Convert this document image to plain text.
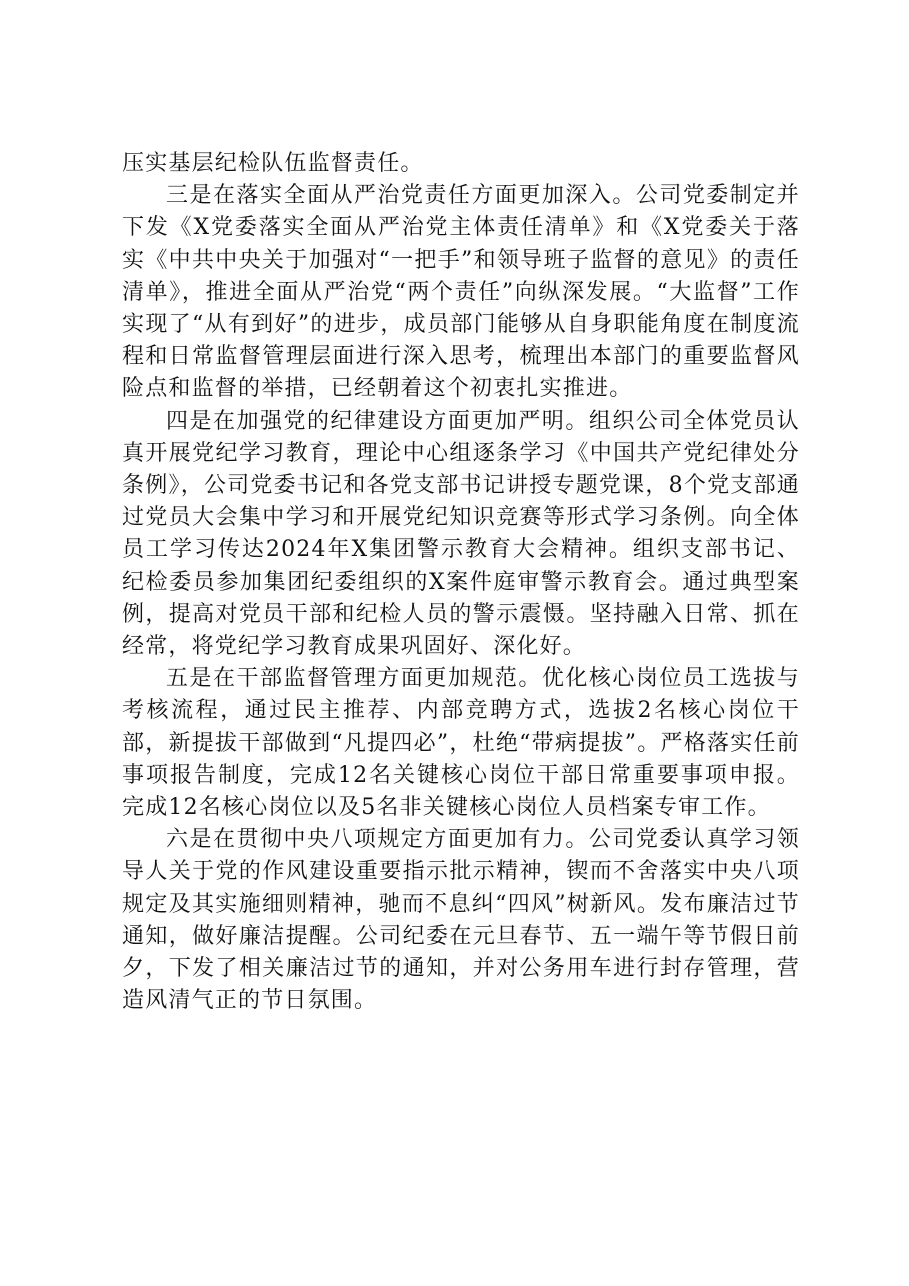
压实基层纪检队伍监督责任。

三是在落实全面从严治党责任方面更加深入。公司党委制定并下发《X党委落实全面从严治党主体责任清单》和《X党委关于落实《中共中央关于加强对“一把手”和领导班子监督的意见》的责任清单》，推进全面从严治党“两个责任”向纵深发展。“大监督”工作实现了“从有到好”的进步，成员部门能够从自身职能角度在制度流程和日常监督管理层面进行深入思考，梳理出本部门的重要监督风险点和监督的举措，已经朝着这个初衷扎实推进。

四是在加强党的纪律建设方面更加严明。组织公司全体党员认真开展党纪学习教育，理论中心组逐条学习《中国共产党纪律处分条例》，公司党委书记和各党支部书记讲授专题党课，8个党支部通过党员大会集中学习和开展党纪知识竞赛等形式学习条例。向全体员工学习传达2024年X集团警示教育大会精神。组织支部书记、纪检委员参加集团纪委组织的X案件庭审警示教育会。通过典型案例，提高对党员干部和纪检人员的警示震慑。坚持融入日常、抓在经常，将党纪学习教育成果巩固好、深化好。

五是在干部监督管理方面更加规范。优化核心岗位员工选拔与考核流程，通过民主推荐、内部竞聘方式，选拔2名核心岗位干部，新提拔干部做到“凡提四必”，杜绝“带病提拔”。严格落实任前事项报告制度，完成12名关键核心岗位干部日常重要事项申报。完成12名核心岗位以及5名非关键核心岗位人员档案专审工作。

六是在贯彻中央八项规定方面更加有力。公司党委认真学习领导人关于党的作风建设重要指示批示精神，锲而不舍落实中央八项规定及其实施细则精神，驰而不息纠“四风”树新风。发布廉洁过节通知，做好廉洁提醒。公司纪委在元旦春节、五一端午等节假日前夕，下发了相关廉洁过节的通知，并对公务用车进行封存管理，营造风清气正的节日氛围。
